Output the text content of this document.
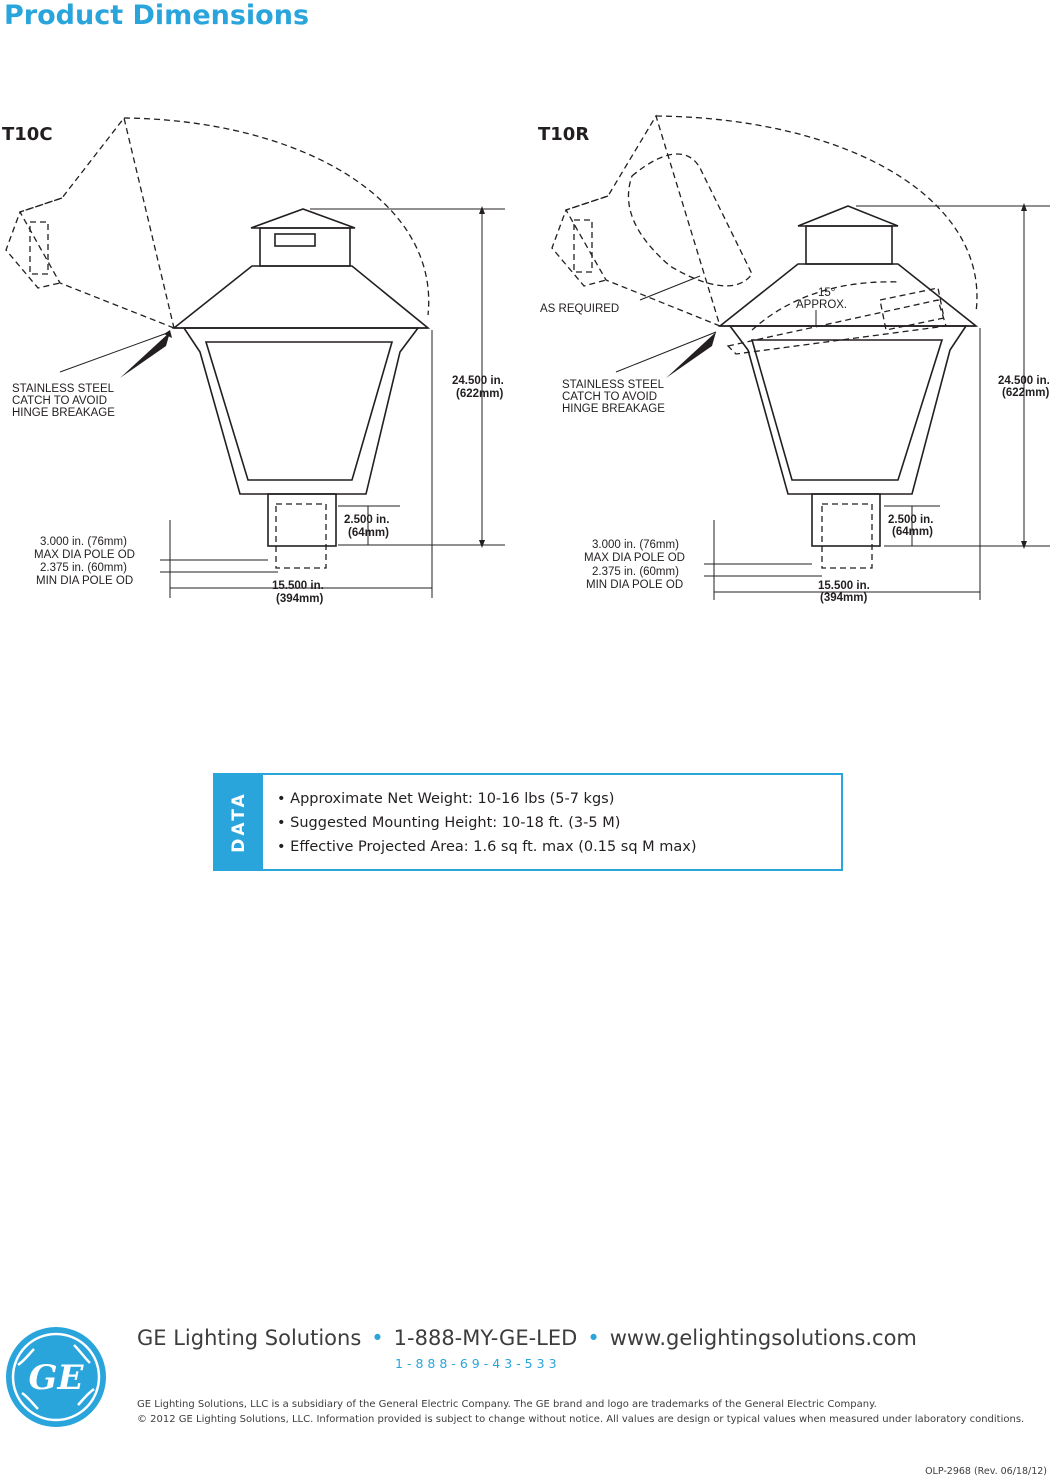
Product Dimensions
T10C	T10R
STAINLESS STEEL
CATCH TO AVOID
HINGE BREAKAGE
24.500 in.
(622mm)
2.500 in.
(64mm)
3.000 in. (76mm)
MAX DIA POLE OD
2.375 in. (60mm)
MIN DIA POLE OD	15.500 in.
(394mm)
AS REQUIRED
15°
APPROX.
STAINLESS STEEL
CATCH TO AVOID
HINGE BREAKAGE
24.500 in.
(622mm)
2.500 in.
(64mm)
3.000 in. (76mm)
MAX DIA POLE OD
2.375 in. (60mm)
MIN DIA POLE OD	15.500 in.
(394mm)
DATA • Approximate Net Weight: 10-16 lbs (5-7 kgs)
• Suggested Mounting Height: 10-18 ft. (3-5 M)
• Effective Projected Area: 1.6 sq ft. max (0.15 sq M max)
GE
GE Lighting Solutions • 1-888-MY-GE-LED • www.gelightingsolutions.com
1-888-69-43-533
GE Lighting Solutions, LLC is a subsidiary of the General Electric Company. The GE brand and logo are trademarks of the General Electric Company.
© 2012 GE Lighting Solutions, LLC. Information provided is subject to change without notice. All values are design or typical values when measured under laboratory conditions.
OLP-2968 (Rev. 06/18/12)
